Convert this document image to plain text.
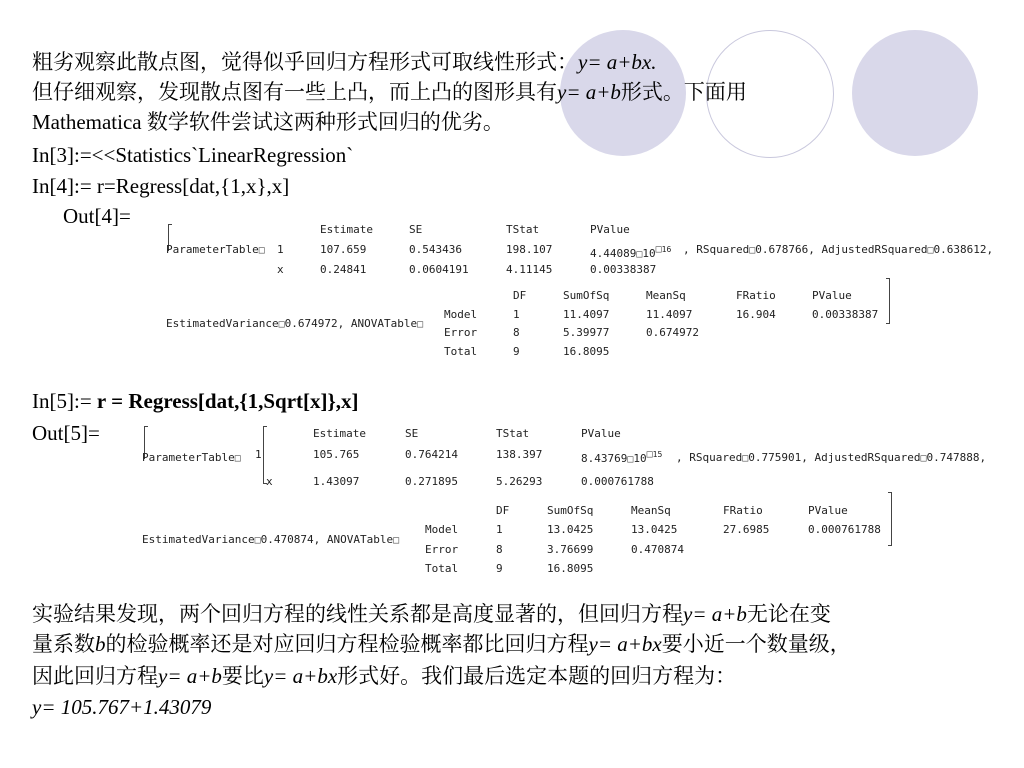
粗劣观察此散点图，觉得似乎回归方程形式可取线性形式：y= a+bx.
但仔细观察，发现散点图有一些上凸，而上凸的图形具有y= a+b形式。下面用
Mathematica 数学软件尝试这两种形式回归的优劣。
In[3]:=<<Statistics`LinearRegression`
In[4]:= r=Regress[dat,{1,x},x]
Out[4]=
Estimate	SE	TStat	PValue
ParameterTable□ 1	107.659	0.543436	198.107	$4.44089□10^{□16}$ , RSquared□0.678766, AdjustedRSquared□0.638612,
x	0.24841	0.0604191	4.11145	0.00338387
DF	SumOfSq	MeanSq	FRatio	PValue
EstimatedVariance□0.674972, ANOVATable□
Model	1	11.4097	11.4097	16.904	0.00338387
Error	8	5.39977	0.674972
Total	9	16.8095
In[5]:= r = Regress[dat,{1,Sqrt[x]},x]
Out[5]=	Estimate	SE	TStat	PValue
ParameterTable□ 1	105.765	0.764214	138.397	$8.43769□10^{□15}$ , RSquared□0.775901, AdjustedRSquared□0.747888,
x	1.43097	0.271895	5.26293	0.000761788
DF	SumOfSq	MeanSq	FRatio	PValue
EstimatedVariance□0.470874, ANOVATable□
Model	1	13.0425	13.0425	27.6985	0.000761788
Error	8	3.76699	0.470874
Total	9	16.8095
实验结果发现，两个回归方程的线性关系都是高度显著的，但回归方程y= a+b无论在变
量系数b的检验概率还是对应回归方程检验概率都比回归方程y= a+bx要小近一个数量级，
因此回归方程y= a+b要比y= a+bx形式好。我们最后选定本题的回归方程为：
y= 105.767+1.43079
